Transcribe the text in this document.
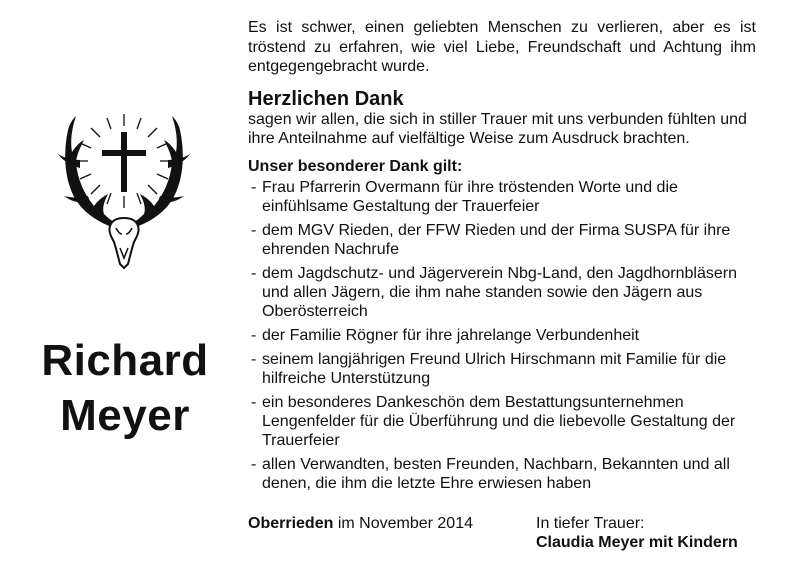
Richard
Meyer

Es ist schwer, einen geliebten Menschen zu verlieren, aber es ist tröstend zu erfahren, wie viel Liebe, Freundschaft und Achtung ihm entgegengebracht wurde.

Herzlichen Dank

sagen wir allen, die sich in stiller Trauer mit uns verbunden fühlten und ihre Anteilnahme auf vielfältige Weise zum Ausdruck brachten.

Unser besonderer Dank gilt:
- Frau Pfarrerin Overmann für ihre tröstenden Worte und die einfühlsame Gestaltung der Trauerfeier
- dem MGV Rieden, der FFW Rieden und der Firma SUSPA für ihre ehrenden Nachrufe
- dem Jagdschutz- und Jägerverein Nbg-Land, den Jagdhornbläsern und allen Jägern, die ihm nahe standen sowie den Jägern aus Oberösterreich
- der Familie Rögner für ihre jahrelange Verbundenheit
- seinem langjährigen Freund Ulrich Hirschmann mit Familie für die hilfreiche Unterstützung
- ein besonderes Dankeschön dem Bestattungsunternehmen Lengenfelder für die Überführung und die liebevolle Gestaltung der Trauerfeier
- allen Verwandten, besten Freunden, Nachbarn, Bekannten und all denen, die ihm die letzte Ehre erwiesen haben
Oberrieden im November 2014	In tiefer Trauer:
Claudia Meyer mit Kindern
